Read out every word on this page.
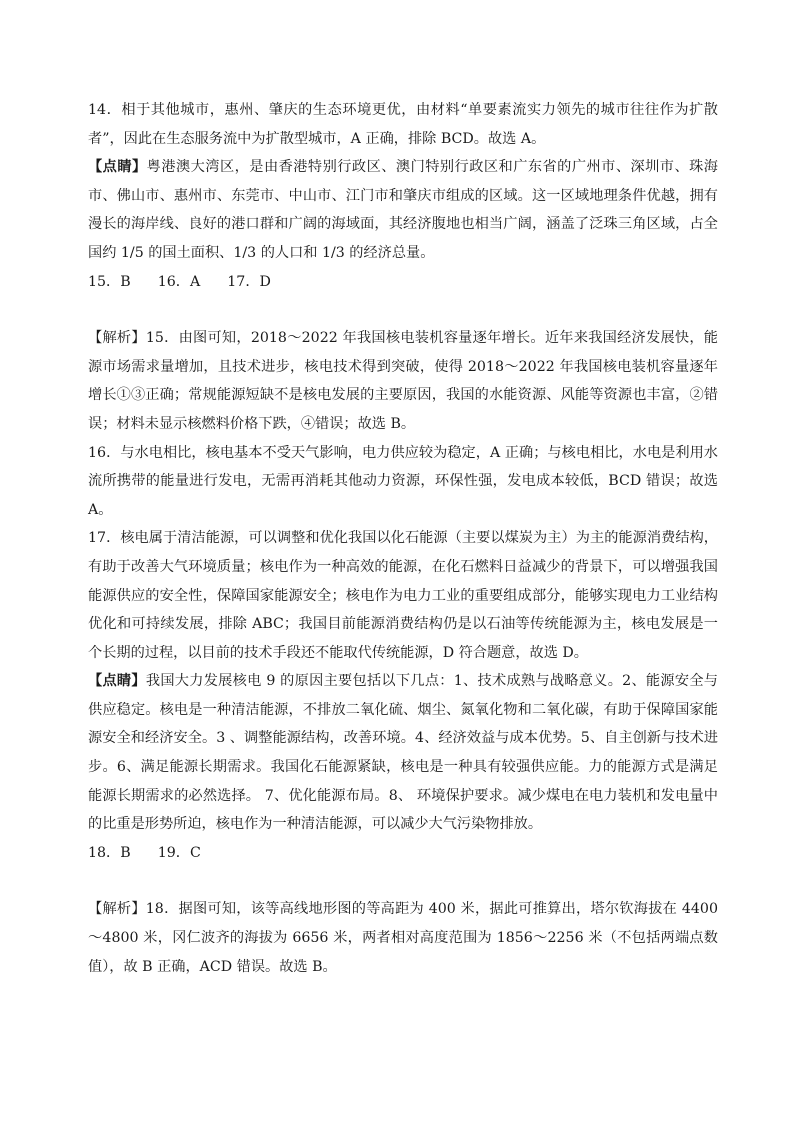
14．相于其他城市，惠州、肇庆的生态环境更优，由材料“单要素流实力领先的城市往往作为扩散者”，因此在生态服务流中为扩散型城市，A 正确，排除 BCD。故选 A。

【点睛】粤港澳大湾区，是由香港特别行政区、澳门特别行政区和广东省的广州市、深圳市、珠海市、佛山市、惠州市、东莞市、中山市、江门市和肇庆市组成的区域。这一区域地理条件优越，拥有漫长的海岸线、良好的港口群和广阔的海域面，其经济腹地也相当广阔，涵盖了泛珠三角区域，占全国约 1/5 的国土面积、1/3 的人口和 1/3 的经济总量。

15．B      16．A      17．D

【解析】15．由图可知，2018～2022 年我国核电装机容量逐年增长。近年来我国经济发展快，能源市场需求量增加，且技术进步，核电技术得到突破，使得 2018～2022 年我国核电装机容量逐年增长①③正确；常规能源短缺不是核电发展的主要原因，我国的水能资源、风能等资源也丰富，②错误；材料未显示核燃料价格下跌，④错误；故选 B。

16．与水电相比，核电基本不受天气影响，电力供应较为稳定，A 正确；与核电相比，水电是利用水流所携带的能量进行发电，无需再消耗其他动力资源，环保性强，发电成本较低，BCD 错误；故选 A。

17．核电属于清洁能源，可以调整和优化我国以化石能源（主要以煤炭为主）为主的能源消费结构，有助于改善大气环境质量；核电作为一种高效的能源，在化石燃料日益减少的背景下，可以增强我国能源供应的安全性，保障国家能源安全；核电作为电力工业的重要组成部分，能够实现电力工业结构优化和可持续发展，排除 ABC；我国目前能源消费结构仍是以石油等传统能源为主，核电发展是一个长期的过程，以目前的技术手段还不能取代传统能源，D 符合题意，故选 D。

【点睛】我国大力发展核电 9 的原因主要包括以下几点：1、技术成熟与战略意义。2、能源安全与供应稳定。核电是一种清洁能源，不排放二氧化硫、烟尘、氮氧化物和二氧化碳，有助于保障国家能源安全和经济安全。3 、调整能源结构，改善环境。4、经济效益与成本优势。5、自主创新与技术进步。6、满足能源长期需求。我国化石能源紧缺，核电是一种具有较强供应能。力的能源方式是满足能源长期需求的必然选择。 7、优化能源布局。8、 环境保护要求。减少煤电在电力装机和发电量中的比重是形势所迫，核电作为一种清洁能源，可以减少大气污染物排放。

18．B      19．C

【解析】18．据图可知，该等高线地形图的等高距为 400 米，据此可推算出，塔尔钦海拔在 4400～4800 米，冈仁波齐的海拔为 6656 米，两者相对高度范围为 1856～2256 米（不包括两端点数值），故 B 正确，ACD 错误。故选 B。
